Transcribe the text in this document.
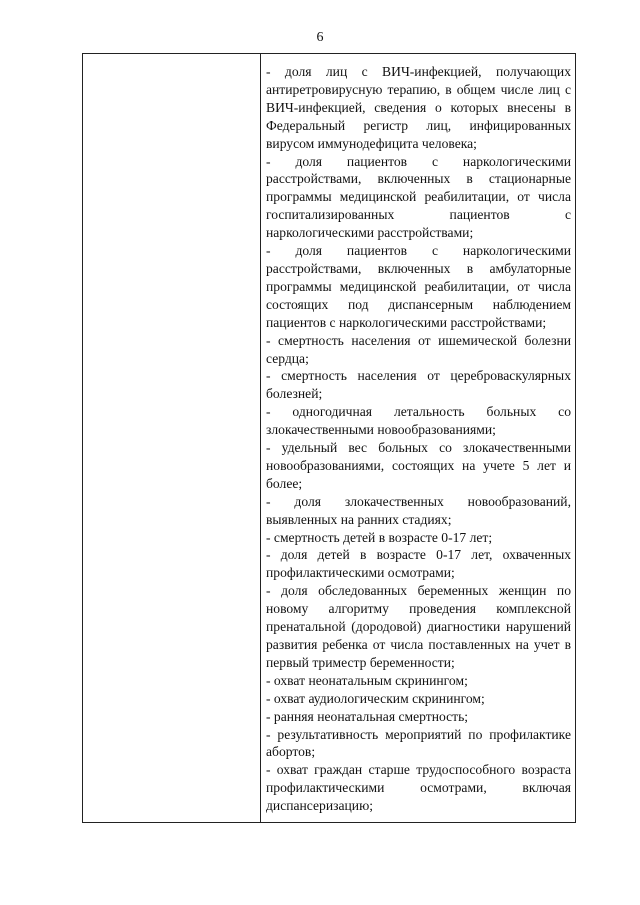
6

- доля лиц с ВИЧ-инфекцией, получающих антиретровирусную терапию, в общем числе лиц с ВИЧ-инфекцией, сведения о которых внесены в Федеральный регистр лиц, инфицированных вирусом иммунодефицита человека;

- доля пациентов с наркологическими расстройствами, включенных в стационарные программы медицинской реабилитации, от числа госпитализированных пациентов с наркологическими расстройствами;

- доля пациентов с наркологическими расстройствами, включенных в амбулаторные программы медицинской реабилитации, от числа состоящих под диспансерным наблюдением пациентов с наркологическими расстройствами;

- смертность населения от ишемической болезни сердца;

- смертность населения от цереброваскулярных болезней;

- одногодичная летальность больных со злокачественными новообразованиями;

- удельный вес больных со злокачественными новообразованиями, состоящих на учете 5 лет и более;

- доля злокачественных новообразований, выявленных на ранних стадиях;

- смертность детей в возрасте 0-17 лет;

- доля детей в возрасте 0-17 лет, охваченных профилактическими осмотрами;

- доля обследованных беременных женщин по новому алгоритму проведения комплексной пренатальной (дородовой) диагностики нарушений развития ребенка от числа поставленных на учет в первый триместр беременности;

- охват неонатальным скринингом;

- охват аудиологическим скринингом;

- ранняя неонатальная смертность;

- результативность мероприятий по профилактике абортов;

- охват граждан старше трудоспособного возраста профилактическими осмотрами, включая диспансеризацию;
